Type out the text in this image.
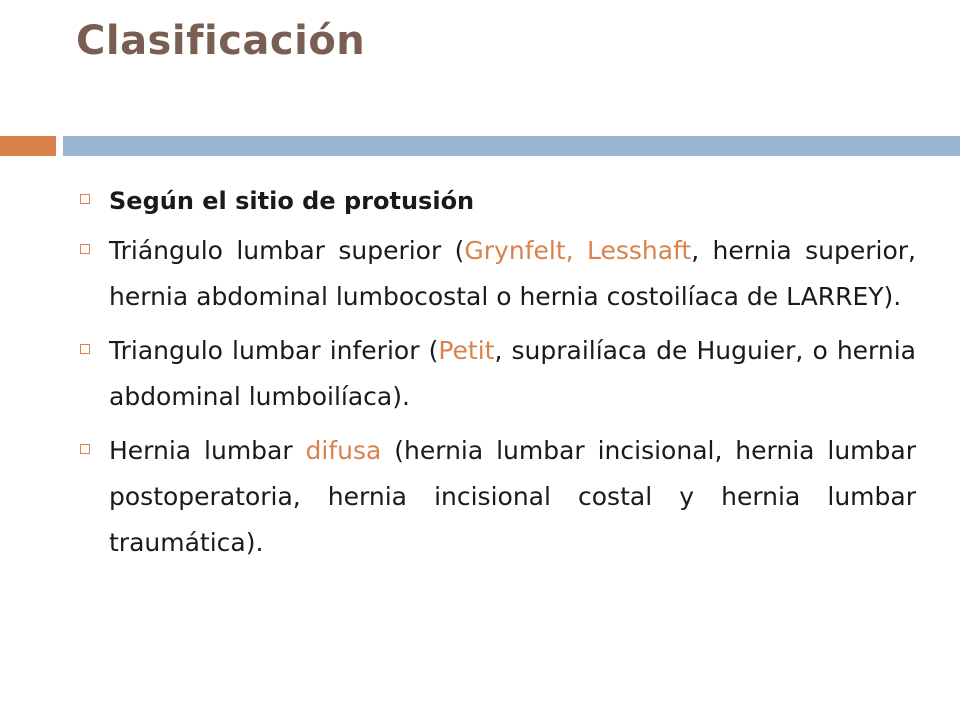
Clasificación
Según el sitio de protusión
Triángulo lumbar superior (Grynfelt, Lesshaft, hernia superior, hernia abdominal lumbocostal o hernia costoilíaca de LARREY).
Triangulo lumbar inferior (Petit, suprailíaca de Huguier, o hernia abdominal lumboilíaca).
Hernia lumbar difusa (hernia lumbar incisional, hernia lumbar postoperatoria, hernia incisional costal y hernia lumbar traumática).
